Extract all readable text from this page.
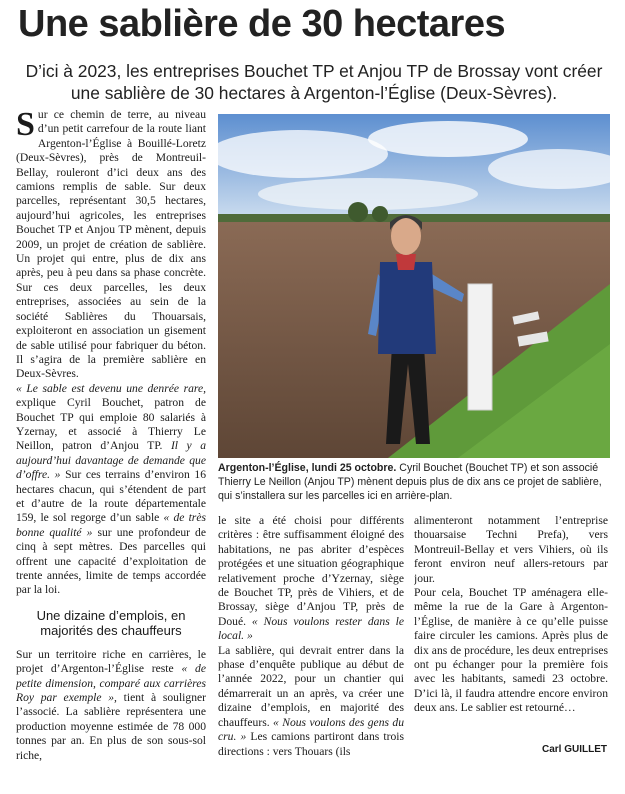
Une sablière de 30 hectares
D’ici à 2023, les entreprises Bouchet TP et Anjou TP de Brossay vont créer une sablière de 30 hectares à Argenton-l’Église (Deux-Sèvres).

Sur ce chemin de terre, au niveau d’un petit carrefour de la route liant Argenton-l’Église à Bouillé-Loretz (Deux-Sèvres), près de Montreuil-Bellay, rouleront d’ici deux ans des camions remplis de sable. Sur deux parcelles, représentant 30,5 hectares, aujourd’hui agricoles, les entreprises Bouchet TP et Anjou TP mènent, depuis 2009, un projet de création de sablière. Un projet qui entre, plus de dix ans après, peu à peu dans sa phase concrète. Sur ces deux parcelles, les deux entreprises, associées au sein de la société Sablières du Thouarsais, exploiteront en association un gisement de sable utilisé pour fabriquer du béton. Il s’agira de la première sablière en Deux-Sèvres.

« Le sable est devenu une denrée rare, explique Cyril Bouchet, patron de Bouchet TP qui emploie 80 salariés à Yzernay, et associé à Thierry Le Neillon, patron d’Anjou TP. Il y a aujourd’hui davantage de demande que d’offre. » Sur ces terrains d’environ 16 hectares chacun, qui s’étendent de part et d’autre de la route départementale 159, le sol regorge d’un sable « de très bonne qualité » sur une profondeur de cinq à sept mètres. Des parcelles qui offrent une capacité d’exploitation de trente années, limite de temps accordée par la loi.

Une dizaine d’emplois, en majorités des chauffeurs

Sur un territoire riche en carrières, le projet d’Argenton-l’Église reste « de petite dimension, comparé aux carrières Roy par exemple », tient à souligner l’associé. La sablière représentera une production moyenne estimée de 78 000 tonnes par an. En plus de son sous-sol riche,

Argenton-l’Église, lundi 25 octobre. Cyril Bouchet (Bouchet TP) et son associé Thierry Le Neillon (Anjou TP) mènent depuis plus de dix ans ce projet de sablière, qui s’installera sur les parcelles ici en arrière-plan.

le site a été choisi pour différents critères : être suffisamment éloigné des habitations, ne pas abriter d’espèces protégées et une situation géographique relativement proche d’Yzernay, siège de Bouchet TP, près de Vihiers, et de Brossay, siège d’Anjou TP, près de Doué. « Nous voulons rester dans le local. »

La sablière, qui devrait entrer dans la phase d’enquête publique au début de l’année 2022, pour un chantier qui démarrerait un an après, va créer une dizaine d’emplois, en majorité des chauffeurs. « Nous voulons des gens du cru. » Les camions partiront dans trois directions : vers Thouars (ils

alimenteront notamment l’entreprise thouarsaise Techni Prefa), vers Montreuil-Bellay et vers Vihiers, où ils feront environ neuf allers-retours par jour.

Pour cela, Bouchet TP aménagera elle-même la rue de la Gare à Argenton-l’Église, de manière à ce qu’elle puisse faire circuler les camions. Après plus de dix ans de procédure, les deux entreprises ont pu échanger pour la première fois avec les habitants, samedi 23 octobre. D’ici là, il faudra attendre encore environ deux ans. Le sablier est retourné…

Carl GUILLET
